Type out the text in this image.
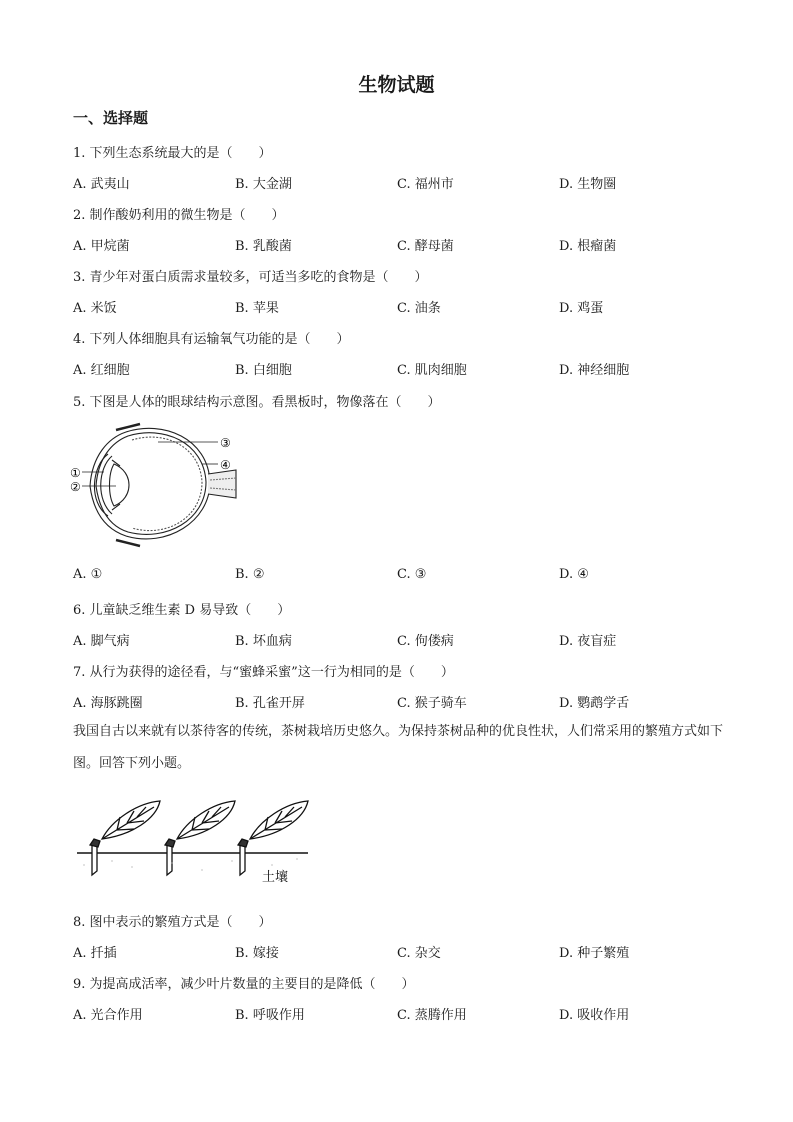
生物试题
一、选择题
1. 下列生态系统最大的是（　　）
A. 武夷山	B. 大金湖	C. 福州市	D. 生物圈
2. 制作酸奶利用的微生物是（　　）
A. 甲烷菌	B. 乳酸菌	C. 酵母菌	D. 根瘤菌
3. 青少年对蛋白质需求量较多，可适当多吃的食物是（　　）
A. 米饭	B. 苹果	C. 油条	D. 鸡蛋
4. 下列人体细胞具有运输氧气功能的是（　　）
A. 红细胞	B. 白细胞	C. 肌肉细胞	D. 神经细胞
5. 下图是人体的眼球结构示意图。看黑板时，物像落在（　　）
①
②
③
④
A. ①	B. ②	C. ③	D. ④
6. 儿童缺乏维生素 D 易导致（　　）
A. 脚气病	B. 坏血病	C. 佝偻病	D. 夜盲症
7. 从行为获得的途径看，与“蜜蜂采蜜”这一行为相同的是（　　）
A. 海豚跳圈	B. 孔雀开屏	C. 猴子骑车	D. 鹦鹉学舌
我国自古以来就有以茶待客的传统，茶树栽培历史悠久。为保持茶树品种的优良性状，人们常采用的繁殖方式如下图。回答下列小题。
土壤
8. 图中表示的繁殖方式是（　　）
A. 扦插	B. 嫁接	C. 杂交	D. 种子繁殖
9. 为提高成活率，减少叶片数量的主要目的是降低（　　）
A. 光合作用	B. 呼吸作用	C. 蒸腾作用	D. 吸收作用
